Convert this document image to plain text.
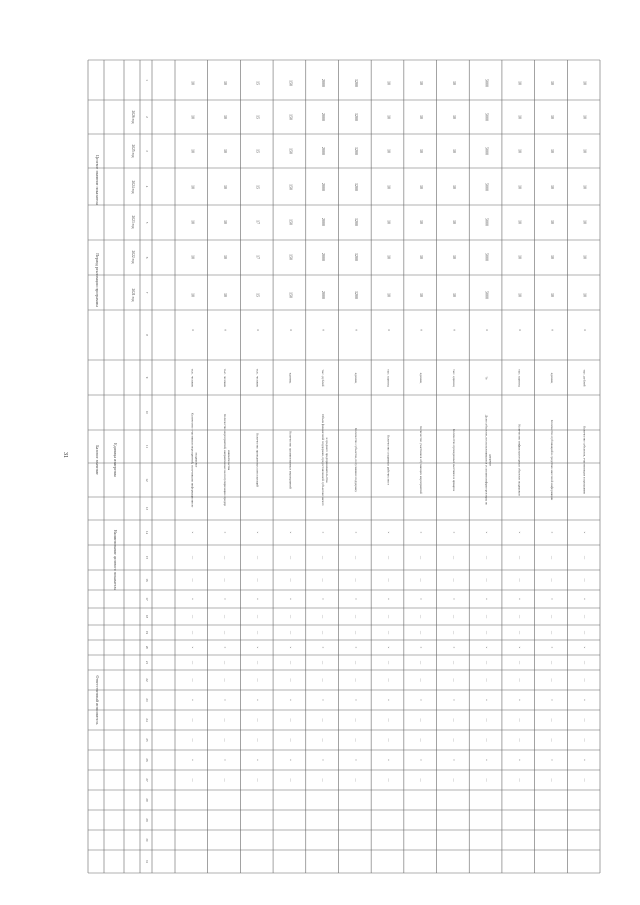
31
Целевое значение показателя
Период реализации программы
Базовое значение
Ответственный исполнитель
Единица измерения
Наименование целевого показателя
2021 год
2022 год
2023 год
2024 год
2025 год
2026 год
1
2
3
4
5
6
7
8
9
10
11
12
13
14
15
16
17
18
19
20
21
22
23
24
25
26
27
28
29
30
31
10
10
10
10
10
10
10
×
тыс. человек
Количество участников мероприятий, получивших информационную поддержку
×
—
—
×
—
—
×
—
—
×
—
—
×
—
10
10
10
10
10
10
10
×
тыс. человек
Количество мероприятий, направленных на популяризацию предпр инимательства
×
—
—
×
—
—
×
—
—
×
—
—
×
—
15
15
17
17
15
15
15
×
тыс. человек
Количество проведенных консультаций
×
—
—
×
—
—
×
—
—
×
—
—
×
—
150
150
150
150
150
150
150
×
единиц
Количество организованных мероприятий
×
—
—
×
—
—
×
—
—
×
—
—
×
—
2000
2000
2000
2000
2000
2000
2000
×
тыс. рублей
Объем финансовой поддержки, предоставленной субъектам малого и среднего предпринимательства
×
—
—
×
—
—
×
—
—
×
—
—
×
—
1200
1200
1200
1200
1200
1200
1200
×
единиц
Количество субъектов, получивших поддержку
×
—
—
×
—
—
×
—
—
×
—
—
×
—
10
10
10
10
10
10
10
×
тыс. единиц
Количество созданных рабочих мест
×
—
—
×
—
—
×
—
—
×
—
—
×
—
10
10
10
10
10
10
10
×
единиц
Количество участников обучающих мероприятий
×
—
—
×
—
—
×
—
—
×
—
—
×
—
10
10
10
10
10
10
10
×
тыс. единиц
Количество проведенных выставок и ярмарок
×
—
—
×
—
—
×
—
—
×
—
—
×
—
5000
5000
5000
5000
5000
5000
5000
×
%
Доля субъектов, воспользовавшихся услугами инфраструктуры по ддержки
×
—
—
×
—
—
×
—
—
×
—
—
×
—
10
10
10
10
10
10
10
×
тыс. единиц
Количество инфраструктурных объектов поддержки
×
—
—
×
—
—
×
—
—
×
—
—
×
—
10
10
10
10
10
10
10
×
единиц
Количество публикаций в средствах массовой информации
×
—
—
×
—
—
×
—
—
×
—
—
×
—
10
10
10
10
10
10
10
×
тыс. рублей
Количество субъектов, участвующих в программе
×
—
—
×
—
—
×
—
—
×
—
—
×
—
